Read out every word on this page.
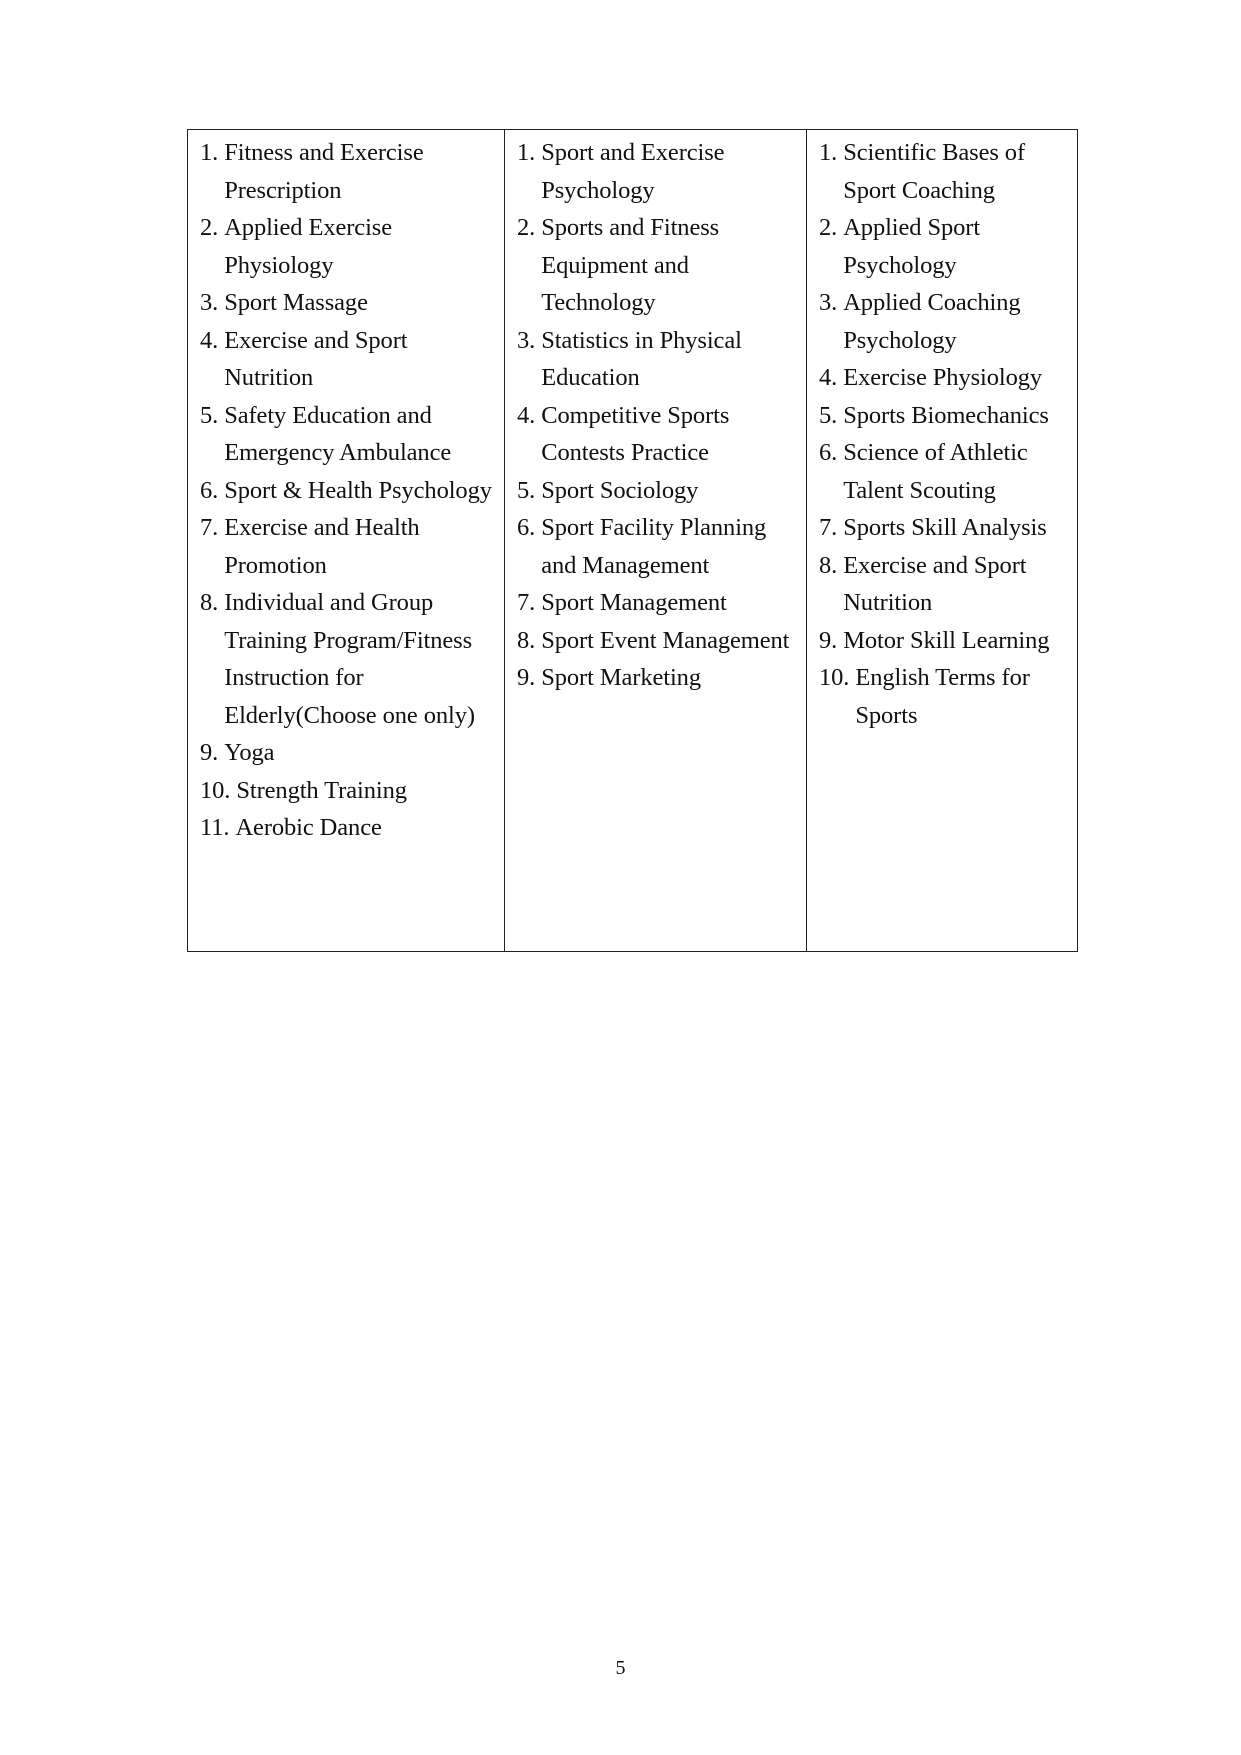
1. Fitness and Exercise Prescription
2. Applied Exercise Physiology
3. Sport Massage
4. Exercise and Sport Nutrition
5. Safety Education and Emergency Ambulance
6. Sport & Health Psychology
7. Exercise and Health Promotion
8. Individual and Group Training Program/Fitness Instruction for Elderly(Choose one only)
9. Yoga
10. Strength Training
11. Aerobic Dance

1. Sport and Exercise Psychology
2. Sports and Fitness Equipment and Technology
3. Statistics in Physical Education
4. Competitive Sports Contests Practice
5. Sport Sociology
6. Sport Facility Planning and Management
7. Sport Management
8. Sport Event Management
9. Sport Marketing

1. Scientific Bases of Sport Coaching
2. Applied Sport Psychology
3. Applied Coaching Psychology
4. Exercise Physiology
5. Sports Biomechanics
6. Science of Athletic Talent Scouting
7. Sports Skill Analysis
8. Exercise and Sport Nutrition
9. Motor Skill Learning
10. English Terms for Sports
5
